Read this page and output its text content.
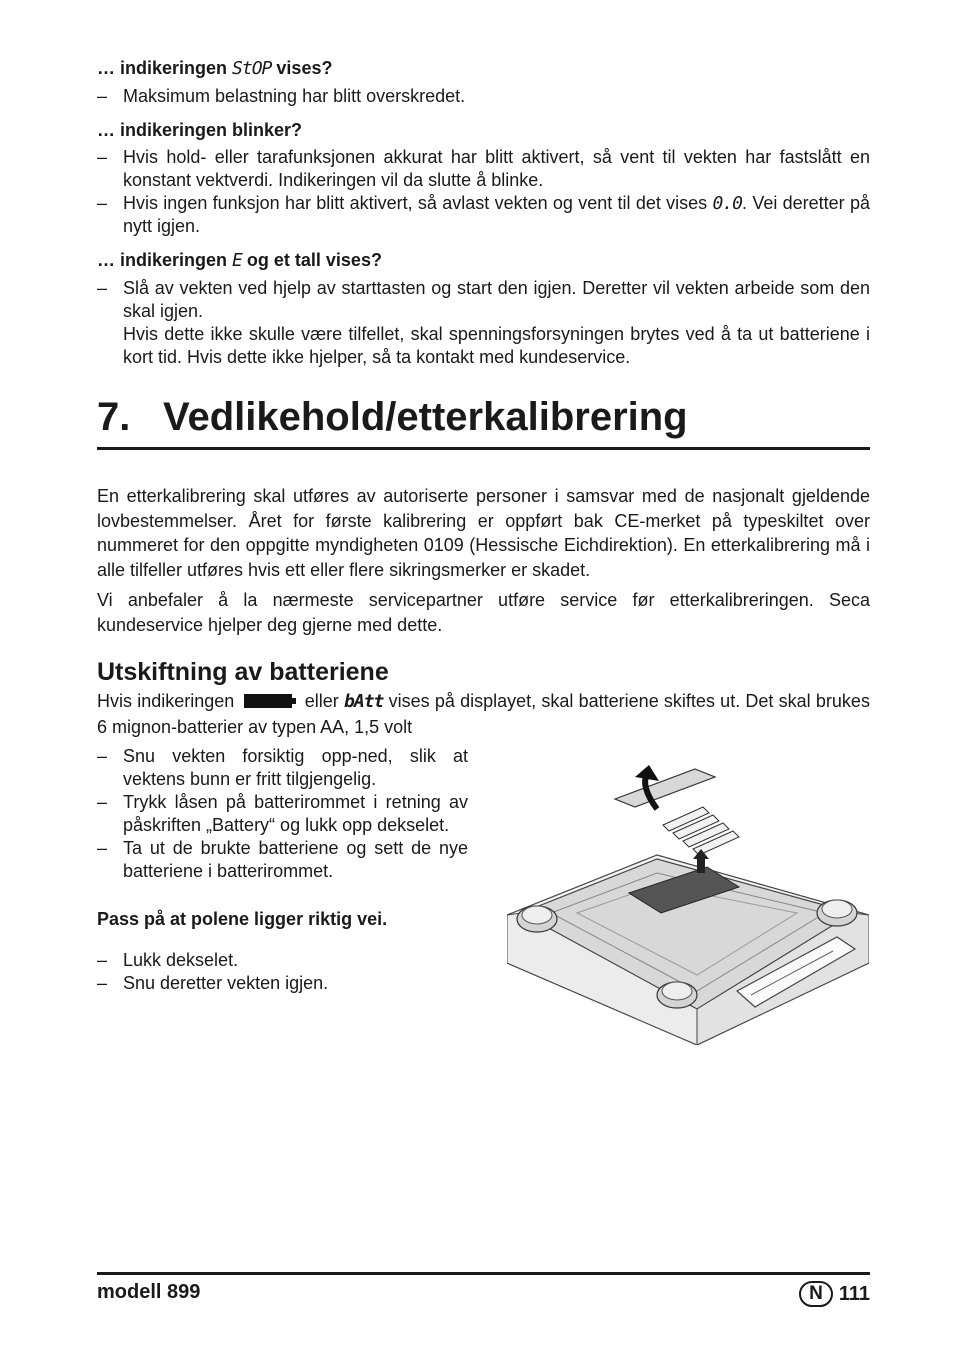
… indikeringen StOP vises?
– Maksimum belastning har blitt overskredet.
… indikeringen blinker?
– Hvis hold- eller tarafunksjonen akkurat har blitt aktivert, så vent til vekten har fastslått en konstant vektverdi. Indikeringen vil da slutte å blinke.
– Hvis ingen funksjon har blitt aktivert, så avlast vekten og vent til det vises 0.0. Vei deretter på nytt igjen.
… indikeringen E og et tall vises?
– Slå av vekten ved hjelp av starttasten og start den igjen. Deretter vil vekten arbeide som den skal igjen.
Hvis dette ikke skulle være tilfellet, skal spenningsforsyningen brytes ved å ta ut batteriene i kort tid. Hvis dette ikke hjelper, så ta kontakt med kundeservice.
7. Vedlikehold/etterkalibrering

En etterkalibrering skal utføres av autoriserte personer i samsvar med de nasjonalt gjeldende lovbestemmelser. Året for første kalibrering er oppført bak CE-merket på typeskiltet over nummeret for den oppgitte myndigheten 0109 (Hessische Eichdirektion). En etterkalibrering må i alle tilfeller utføres hvis ett eller flere sikringsmerker er skadet.

Vi anbefaler å la nærmeste servicepartner utføre service før etterkalibreringen. Seca kundeservice hjelper deg gjerne med dette.

Utskiftning av batteriene

Hvis indikeringen	eller bAtt vises på displayet, skal batteriene skiftes ut. Det skal brukes 6 mignon-batterier av typen AA, 1,5 volt

– Snu vekten forsiktig opp-ned, slik at vektens bunn er fritt tilgjengelig.
– Trykk låsen på batterirommet i retning av påskriften „Battery“ og lukk opp dekselet.
– Ta ut de brukte batteriene og sett de nye batteriene i batterirommet.
Pass på at polene ligger riktig vei.
– Lukk dekselet.
– Snu deretter vekten igjen.
modell 899	N 111
